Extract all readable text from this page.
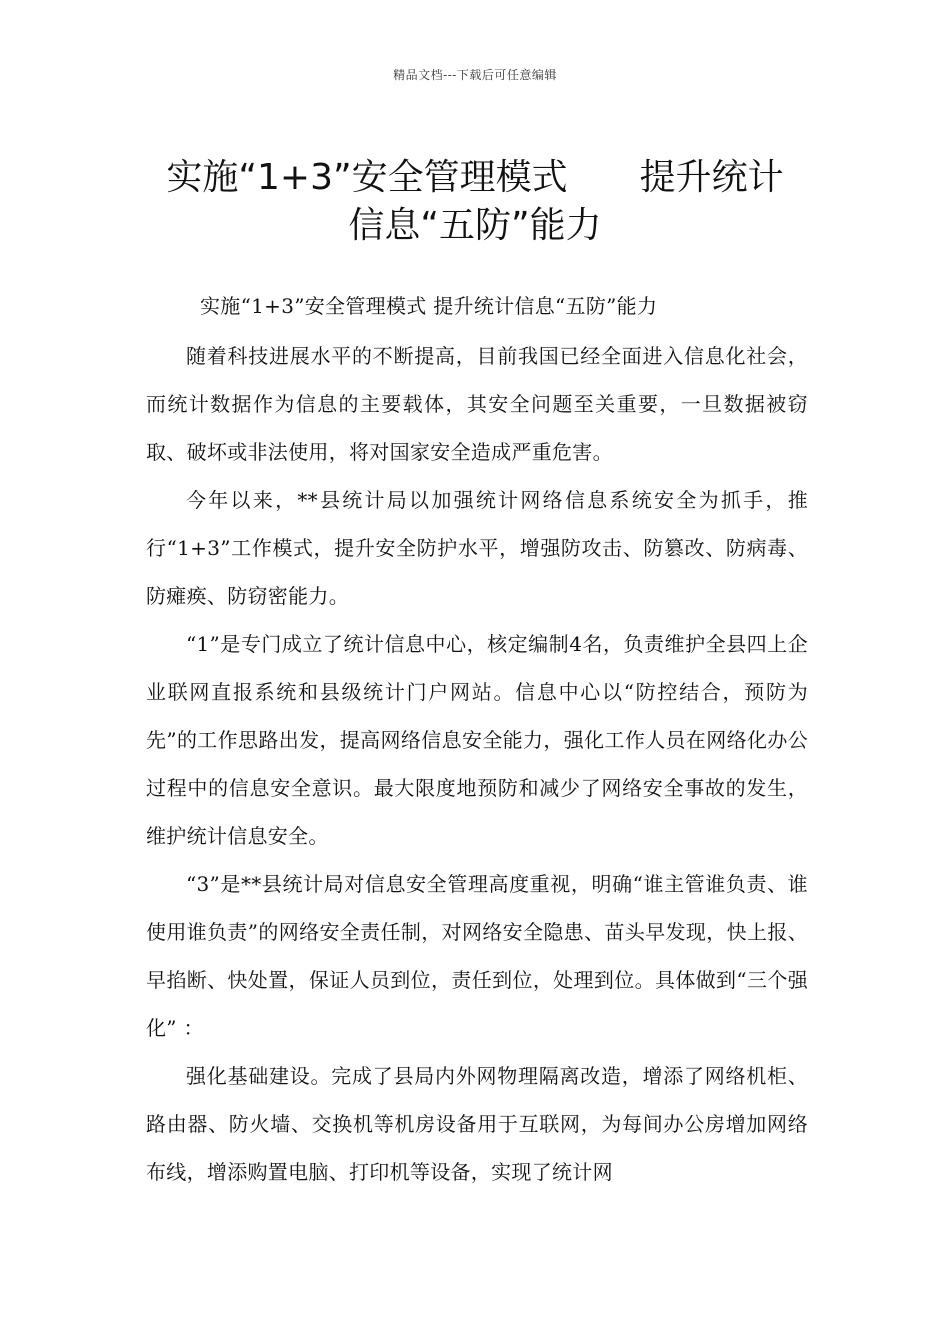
精品文档---下载后可任意编辑
实施“1+3”安全管理模式　　提升统计
信息“五防”能力

实施“1+3”安全管理模式 提升统计信息“五防”能力

随着科技进展水平的不断提高，目前我国已经全面进入信息化社会，而统计数据作为信息的主要载体，其安全问题至关重要，一旦数据被窃取、破坏或非法使用，将对国家安全造成严重危害。

今年以来，**县统计局以加强统计网络信息系统安全为抓手，推行“1+3”工作模式，提升安全防护水平，增强防攻击、防篡改、防病毒、防瘫痪、防窃密能力。

“1”是专门成立了统计信息中心，核定编制4名，负责维护全县四上企业联网直报系统和县级统计门户网站。信息中心以“防控结合，预防为先”的工作思路出发，提高网络信息安全能力，强化工作人员在网络化办公过程中的信息安全意识。最大限度地预防和减少了网络安全事故的发生，维护统计信息安全。

“3”是**县统计局对信息安全管理高度重视，明确“谁主管谁负责、谁使用谁负责”的网络安全责任制，对网络安全隐患、苗头早发现，快上报、早掐断、快处置，保证人员到位，责任到位，处理到位。具体做到“三个强化” ：

强化基础建设。完成了县局内外网物理隔离改造，增添了网络机柜、路由器、防火墙、交换机等机房设备用于互联网，为每间办公房增加网络布线，增添购置电脑、打印机等设备，实现了统计网
